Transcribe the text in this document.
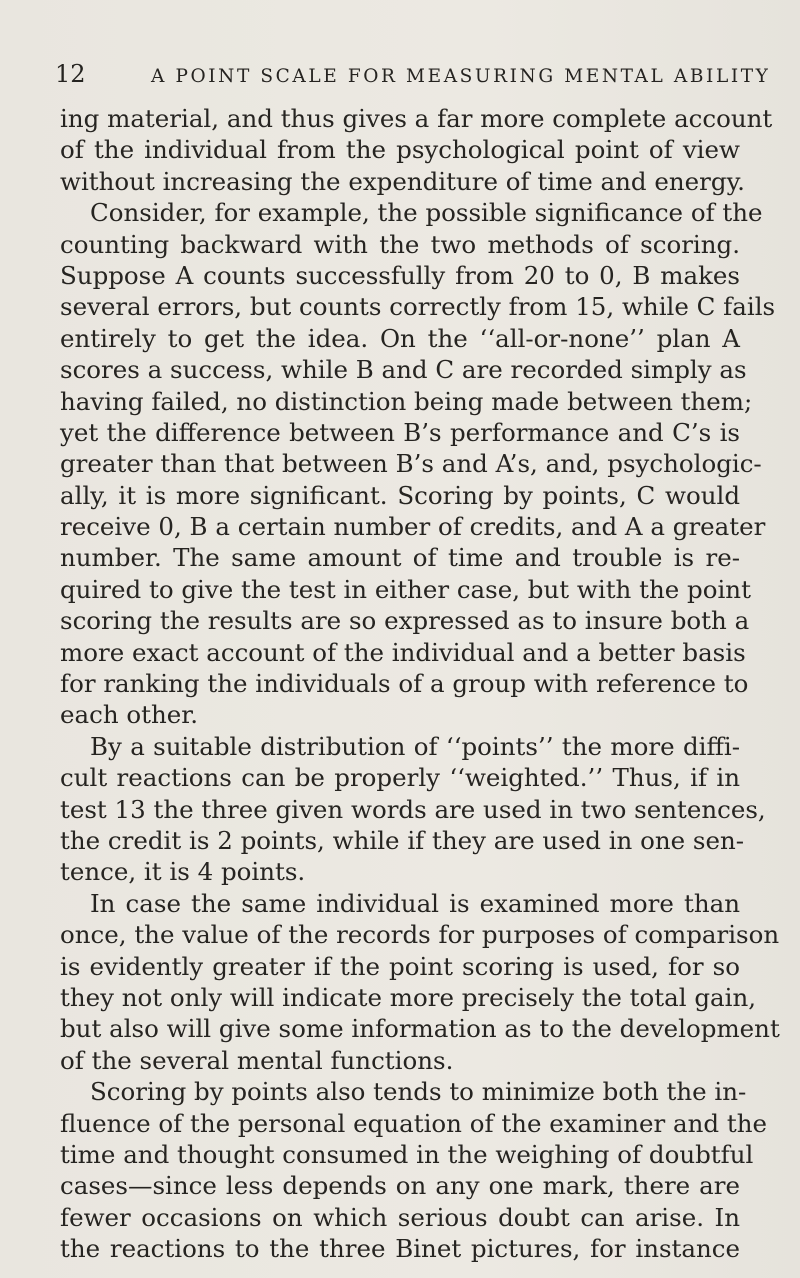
12	A POINT SCALE FOR MEASURING MENTAL ABILITY
ing material, and thus gives a far more complete account
of the individual from the psychological point of view
without increasing the expenditure of time and energy.
Consider, for example, the possible significance of the
counting backward with the two methods of scoring.
Suppose A counts successfully from 20 to 0, B makes
several errors, but counts correctly from 15, while C fails
entirely to get the idea. On the ‘‘all-or-none’’ plan A
scores a success, while B and C are recorded simply as
having failed, no distinction being made between them;
yet the difference between B’s performance and C’s is
greater than that between B’s and A’s, and, psychologic-
ally, it is more significant. Scoring by points, C would
receive 0, B a certain number of credits, and A a greater
number. The same amount of time and trouble is re-
quired to give the test in either case, but with the point
scoring the results are so expressed as to insure both a
more exact account of the individual and a better basis
for ranking the individuals of a group with reference to
each other.
By a suitable distribution of ‘‘points’’ the more diffi-
cult reactions can be properly ‘‘weighted.’’ Thus, if in
test 13 the three given words are used in two sentences,
the credit is 2 points, while if they are used in one sen-
tence, it is 4 points.
In case the same individual is examined more than
once, the value of the records for purposes of comparison
is evidently greater if the point scoring is used, for so
they not only will indicate more precisely the total gain,
but also will give some information as to the development
of the several mental functions.
Scoring by points also tends to minimize both the in-
fluence of the personal equation of the examiner and the
time and thought consumed in the weighing of doubtful
cases—since less depends on any one mark, there are
fewer occasions on which serious doubt can arise. In
the reactions to the three Binet pictures, for instance
